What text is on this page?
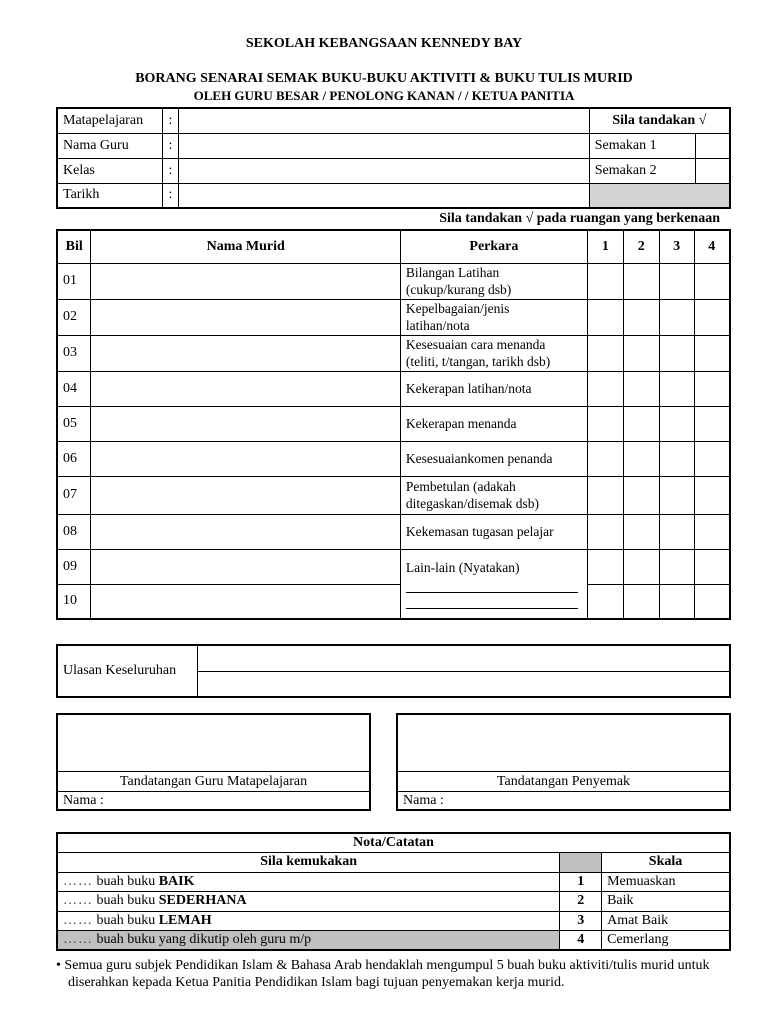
SEKOLAH KEBANGSAAN KENNEDY BAY
BORANG SENARAI SEMAK BUKU-BUKU AKTIVITI & BUKU TULIS MURID
OLEH GURU BESAR / PENOLONG KANAN / / KETUA PANITIA
Matapelajaran	:		Sila tandakan √	
Nama Guru	:		Semakan 1	
Kelas	:		Semakan 2	
Tarikh	:			
Sila tandakan √ pada ruangan yang berkenaan
Bil	Nama Murid	Perkara	1	2	3	4
01		Bilangan Latihan
(cukup/kurang dsb)				

02		Kepelbagaian/jenis
latihan/nota				

03		Kesesuaian cara menanda
(teliti, t/tangan, tarikh dsb)				

04		Kekerapan latihan/nota				

05		Kekerapan menanda				

06		Kesesuaiankomen penanda				

07		Pembetulan (adakah
ditegaskan/disemak dsb)				

08		Kekemasan tugasan pelajar				

09		Lain-lain (Nyatakan)				

10						
Ulasan Keseluruhan	

Tandatangan Guru Matapelajaran
Nama :
Tandatangan Penyemak
Nama :
Nota/Catatan		
Sila kemukakan		Skala
…… buah buku BAIK	1	Memuaskan
…… buah buku SEDERHANA	2	Baik
…… buah buku LEMAH	3	Amat Baik
…… buah buku yang dikutip oleh guru m/p	4	Cemerlang
• Semua guru subjek Pendidikan Islam & Bahasa Arab hendaklah mengumpul 5 buah buku aktiviti/tulis murid untuk diserahkan kepada Ketua Panitia Pendidikan Islam bagi tujuan penyemakan kerja murid.
